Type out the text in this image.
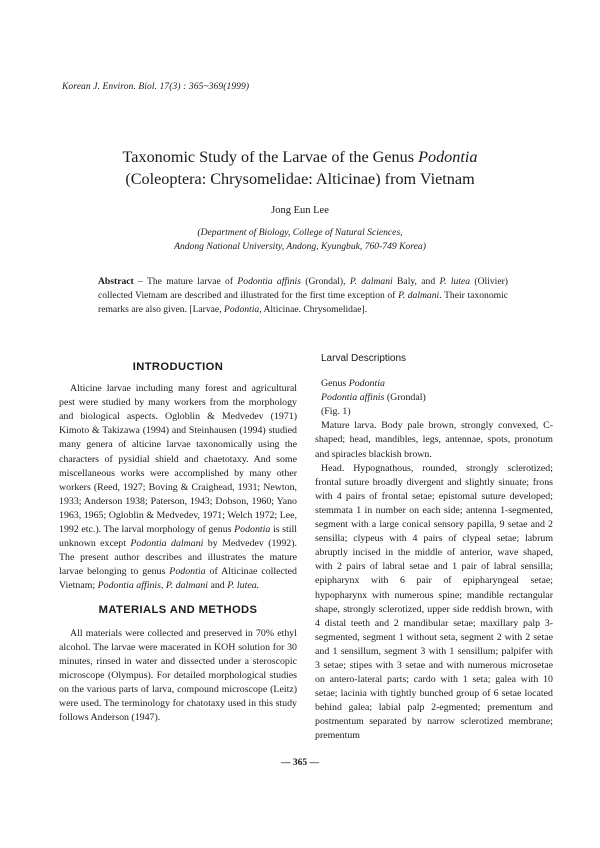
Korean J. Environ. Biol. 17(3) : 365~369(1999)
Taxonomic Study of the Larvae of the Genus Podontia
(Coleoptera: Chrysomelidae: Alticinae) from Vietnam
Jong Eun Lee
(Department of Biology, College of Natural Sciences,
Andong National University, Andong, Kyungbuk, 760-749 Korea)
Abstract – The mature larvae of Podontia affinis (Grondal), P. dalmani Baly, and P. lutea (Olivier) collected Vietnam are described and illustrated for the first time exception of P. dalmani. Their taxonomic remarks are also given. [Larvae, Podontia, Alticinae. Chrysomelidae].
INTRODUCTION

Alticine larvae including many forest and agricultural pest were studied by many workers from the morphology and biological aspects. Ogloblin & Medvedev (1971) Kimoto & Takizawa (1994) and Steinhausen (1994) studied many genera of alticine larvae taxonomically using the characters of pysidial shield and chaetotaxy. And some miscellaneous works were accomplished by many other workers (Reed, 1927; Boving & Craighead, 1931; Newton, 1933; Anderson 1938; Paterson, 1943; Dobson, 1960; Yano 1963, 1965; Ogloblin & Medvedev, 1971; Welch 1972; Lee, 1992 etc.). The larval morphology of genus Podontia is still unknown except Podontia dalmani by Medvedev (1992). The present author describes and illustrates the mature larvae belonging to genus Podontia of Alticinae collected Vietnam; Podontia affinis, P. dalmani and P. lutea.

MATERIALS AND METHODS

All materials were collected and preserved in 70% ethyl alcohol. The larvae were macerated in KOH solution for 30 minutes, rinsed in water and dissected under a steroscopic microscope (Olympus). For detailed morphological studies on the various parts of larva, compound microscope (Leitz) were used. The terminology for chatotaxy used in this study follows Anderson (1947).

Larval Descriptions

Genus Podontia

Podontia affinis (Grondal)

(Fig. 1)

Mature larva. Body pale brown, strongly convexed, C-shaped; head, mandibles, legs, antennae, spots, pronotum and spiracles blackish brown.

Head. Hypognathous, rounded, strongly sclerotized; frontal suture broadly divergent and slightly sinuate; frons with 4 pairs of frontal setae; epistomal suture developed; stemmata 1 in number on each side; antenna 1-segmented, segment with a large conical sensory papilla, 9 setae and 2 sensilla; clypeus with 4 pairs of clypeal setae; labrum abruptly incised in the middle of anterior, wave shaped, with 2 pairs of labral setae and 1 pair of labral sensilla; epipharynx with 6 pair of epipharyngeal setae; hypopharynx with numerous spine; mandible rectangular shape, strongly sclerotized, upper side reddish brown, with 4 distal teeth and 2 mandibular setae; maxillary palp 3-segmented, segment 1 without seta, segment 2 with 2 setae and 1 sensillum, segment 3 with 1 sensillum; palpifer with 3 setae; stipes with 3 setae and with numerous microsetae on antero-lateral parts; cardo with 1 seta; galea with 10 setae; lacinia with tightly bunched group of 6 setae located behind galea; labial palp 2-egmented; prementum and postmentum separated by narrow sclerotized membrane; prementum

— 365 —
